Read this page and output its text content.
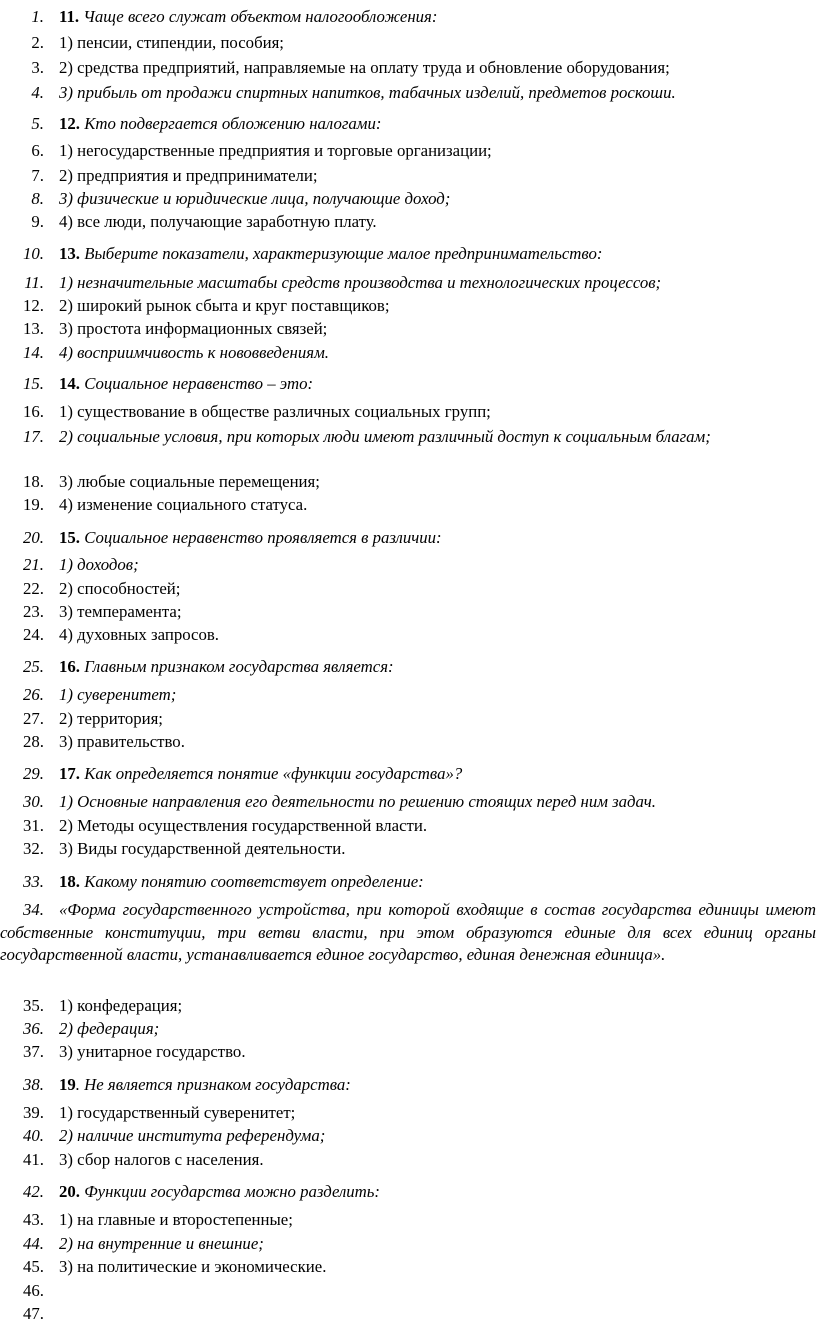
1. 11. Чаще всего служат объектом налогообложения:
2. 1) пенсии, стипендии, пособия;
3. 2) средства предприятий, направляемые на оплату труда и обновление оборудования;
4. 3) прибыль от продажи спиртных напитков, табачных изделий, предметов роскоши.
5. 12. Кто подвергается обложению налогами:
6. 1) негосударственные предприятия и торговые организации;
7. 2) предприятия и предприниматели;
8. 3) физические и юридические лица, получающие доход;
9. 4) все люди, получающие заработную плату.
10. 13. Выберите показатели, характеризующие малое предпринимательство:
11. 1) незначительные масштабы средств производства и технологических процессов;
12. 2) широкий рынок сбыта и круг поставщиков;
13. 3) простота информационных связей;
14. 4) восприимчивость к нововведениям.
15. 14. Социальное неравенство – это:
16. 1) существование в обществе различных социальных групп;
17. 2) социальные условия, при которых люди имеют различный доступ к социальным благам;
18. 3) любые социальные перемещения;
19. 4) изменение социального статуса.
20. 15. Социальное неравенство проявляется в различии:
21. 1) доходов;
22. 2) способностей;
23. 3) темперамента;
24. 4) духовных запросов.
25. 16. Главным признаком государства является:
26. 1) суверенитет;
27. 2) территория;
28. 3) правительство.
29. 17. Как определяется понятие «функции государства»?
30. 1) Основные направления его деятельности по решению стоящих перед ним задач.
31. 2) Методы осуществления государственной власти.
32. 3) Виды государственной деятельности.
33. 18. Какому понятию соответствует определение:
34. «Форма государственного устройства, при которой входящие в состав государства единицы имеют собственные конституции, три ветви власти, при этом образуются единые для всех единиц органы государственной власти, устанавливается единое государство, единая денежная единица».
35. 1) конфедерация;
36. 2) федерация;
37. 3) унитарное государство.
38. 19. Не является признаком государства:
39. 1) государственный суверенитет;
40. 2) наличие института референдума;
41. 3) сбор налогов с населения.
42. 20. Функции государства можно разделить:
43. 1) на главные и второстепенные;
44. 2) на внутренние и внешние;
45. 3) на политические и экономические.
46.
47.
